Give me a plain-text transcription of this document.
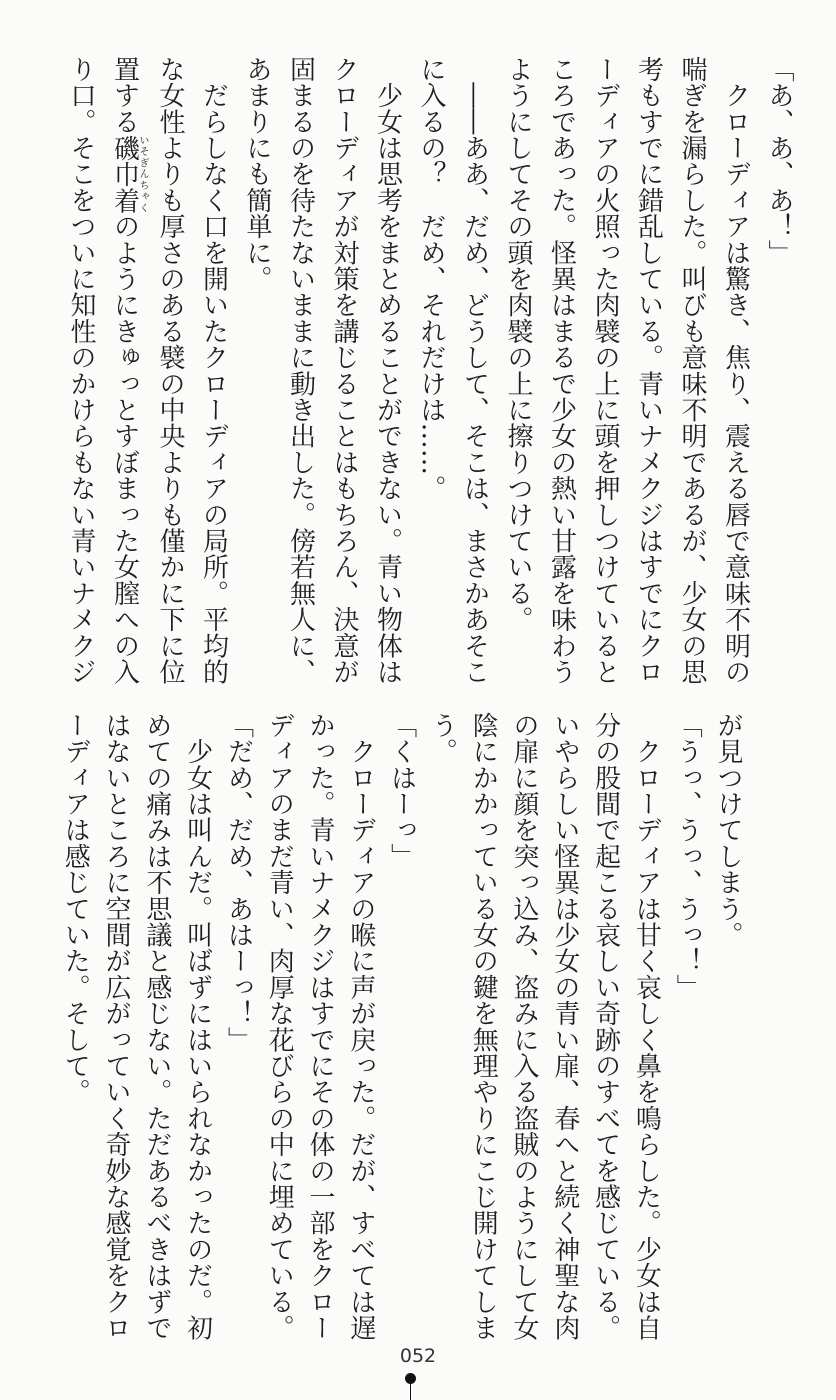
「あ、あ、あ！」
　クローディアは驚き、焦り、震える唇で意味不明の
喘ぎを漏らした。叫びも意味不明であるが、少女の思
考もすでに錯乱している。青いナメクジはすでにクロ
ーディアの火照った肉襞の上に頭を押しつけていると
ころであった。怪異はまるで少女の熱い甘露を味わう
ようにしてその頭を肉襞の上に擦りつけている。
　――ああ、だめ、どうして、そこは、まさかあそこ
に入るの？　だめ、それだけは……。
　少女は思考をまとめることができない。青い物体は
クローディアが対策を講じることはもちろん、決意が
固まるのを待たないままに動き出した。傍若無人に、
あまりにも簡単に。
　だらしなく口を開いたクローディアの局所。平均的
な女性よりも厚さのある襞の中央よりも僅かに下に位
置する磯巾着いそぎんちゃくのようにきゅっとすぼまった女膣への入
り口。そこをついに知性のかけらもない青いナメクジ
が見つけてしまう。
「うっ、うっ、うっ！」
　クローディアは甘く哀しく鼻を鳴らした。少女は自
分の股間で起こる哀しい奇跡のすべてを感じている。
いやらしい怪異は少女の青い扉、春へと続く神聖な肉
の扉に顔を突っ込み、盗みに入る盗賊のようにして女
陰にかかっている女の鍵を無理やりにこじ開けてしま
う。
「くはーっ」
　クローディアの喉に声が戻った。だが、すべては遅
かった。青いナメクジはすでにその体の一部をクロー
ディアのまだ青い、肉厚な花びらの中に埋めている。
「だめ、だめ、あはーっ！」
　少女は叫んだ。叫ばずにはいられなかったのだ。初
めての痛みは不思議と感じない。ただあるべきはずで
はないところに空間が広がっていく奇妙な感覚をクロ
ーディアは感じていた。そして。
052
